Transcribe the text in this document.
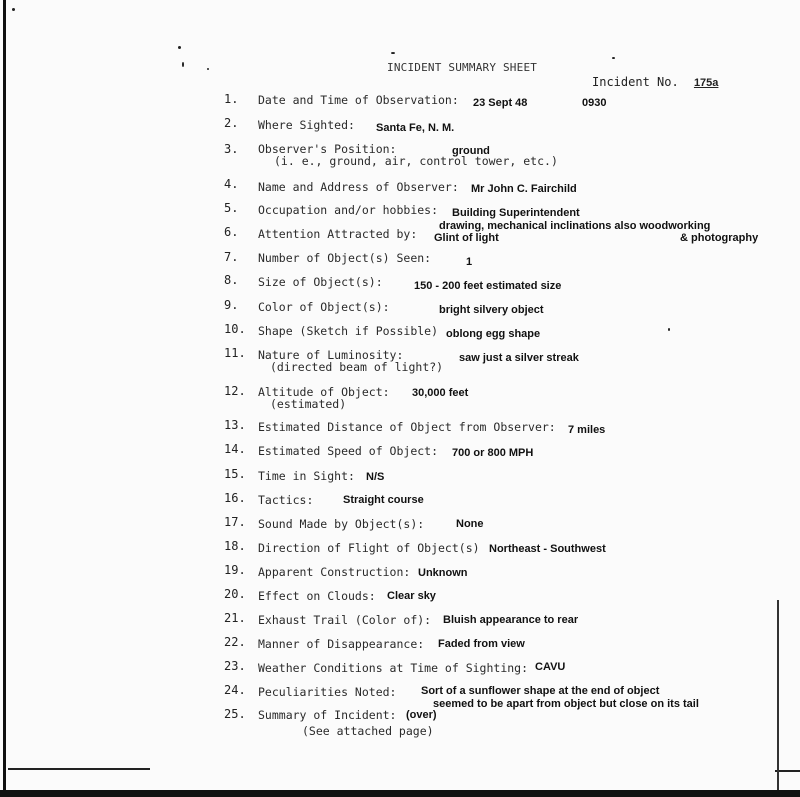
INCIDENT SUMMARY SHEET
Incident No. 175a
1. Date and Time of Observation: 23 Sept 48	0930
2. Where Sighted: Santa Fe, N. M.
3. Observer's Position:	ground
(i. e., ground, air, control tower, etc.)
4. Name and Address of Observer: Mr John C. Fairchild
5. Occupation and/or hobbies: Building Superintendent
drawing, mechanical inclinations also woodworking
& photography
6. Attention Attracted by: Glint of light
7. Number of Object(s) Seen:	1
8. Size of Object(s):	150 - 200 feet estimated size
9. Color of Object(s):	bright silvery object
10. Shape (Sketch if Possible) oblong egg shape
11. Nature of Luminosity:	saw just a silver streak
(directed beam of light?)
12. Altitude of Object: 30,000 feet
(estimated)
13. Estimated Distance of Object from Observer: 7 miles
14. Estimated Speed of Object: 700 or 800 MPH
15. Time in Sight: N/S
16. Tactics:	Straight course
17. Sound Made by Object(s):	None
18. Direction of Flight of Object(s) Northeast - Southwest
19. Apparent Construction: Unknown
20. Effect on Clouds: Clear sky
21. Exhaust Trail (Color of): Bluish appearance to rear
22. Manner of Disappearance: Faded from view
23. Weather Conditions at Time of Sighting: CAVU
24. Peculiarities Noted: Sort of a sunflower shape at the end of object
seemed to be apart from object but close on its tail
25. Summary of Incident: (over)
(See attached page)
